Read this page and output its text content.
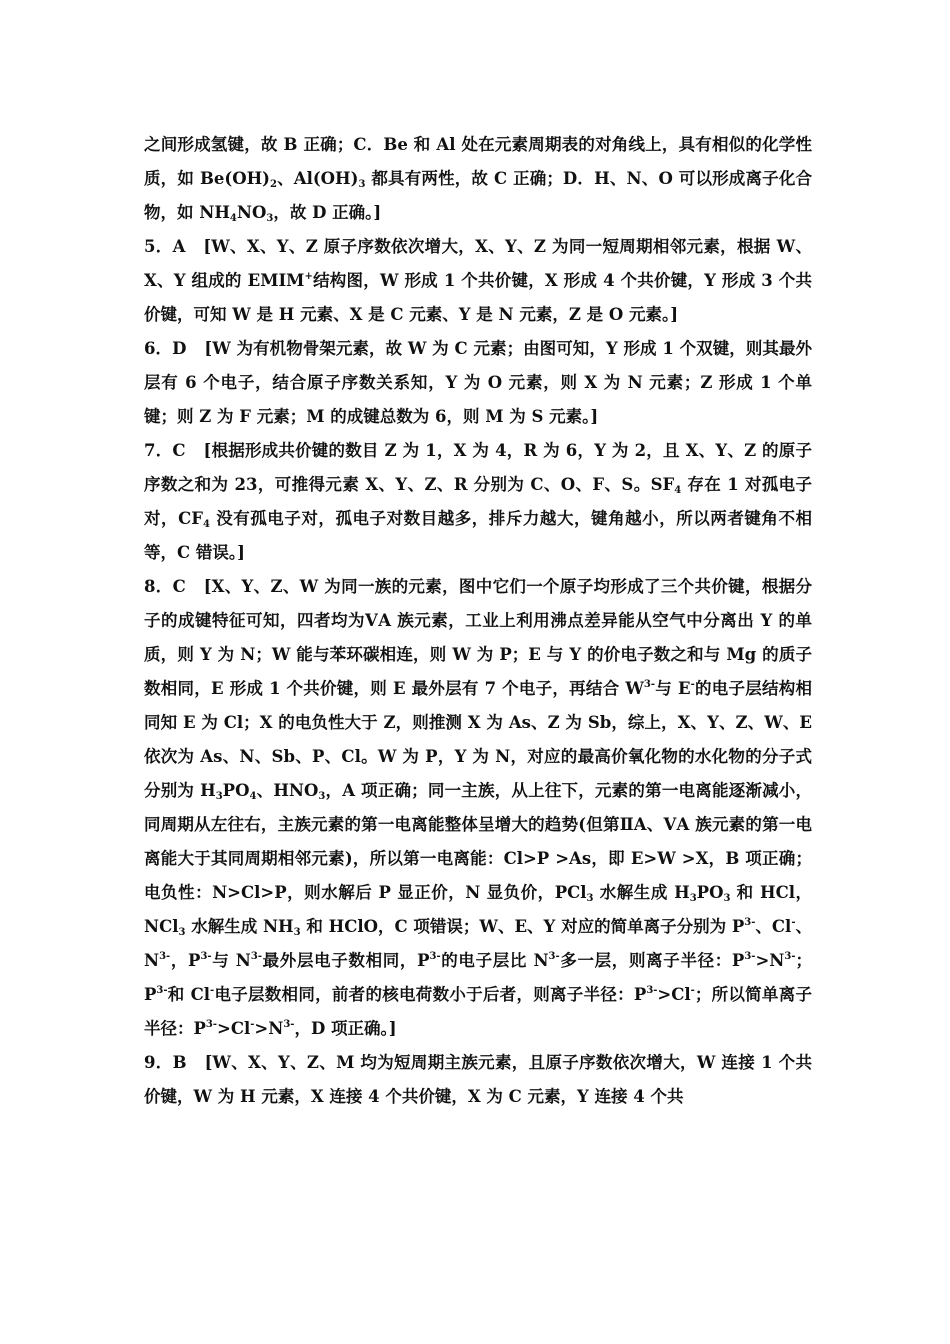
之间形成氢键，故 B 正确；C．Be 和 Al 处在元素周期表的对角线上，具有相似的化学性质，如 $Be(OH)_2$、$Al(OH)_3$ 都具有两性，故 C 正确；D．H、N、O 可以形成离子化合物，如 $NH_4NO_3$，故 D 正确。]

5．A [W、X、Y、Z 原子序数依次增大，X、Y、Z 为同一短周期相邻元素，根据 W、X、Y 组成的 EMIM+结构图，W 形成 1 个共价键，X 形成 4 个共价键，Y 形成 3 个共价键，可知 W 是 H 元素、X 是 C 元素、Y 是 N 元素，Z 是 O 元素。]

6．D [W 为有机物骨架元素，故 W 为 C 元素；由图可知，Y 形成 1 个双键，则其最外层有 6 个电子，结合原子序数关系知，Y 为 O 元素，则 X 为 N 元素；Z 形成 1 个单键；则 Z 为 F 元素；M 的成键总数为 6，则 M 为 S 元素。]

7．C [根据形成共价键的数目 Z 为 1，X 为 4，R 为 6，Y 为 2，且 X、Y、Z 的原子序数之和为 23，可推得元素 X、Y、Z、R 分别为 C、O、F、S。$SF_4$ 存在 1 对孤电子对，$CF_4$ 没有孤电子对，孤电子对数目越多，排斥力越大，键角越小，所以两者键角不相等，C 错误。]

8．C [X、Y、Z、W 为同一族的元素，图中它们一个原子均形成了三个共价键，根据分子的成键特征可知，四者均为ⅤA 族元素，工业上利用沸点差异能从空气中分离出 Y 的单质，则 Y 为 N；W 能与苯环碳相连，则 W 为 P；E 与 Y 的价电子数之和与 Mg 的质子数相同，E 形成 1 个共价键，则 E 最外层有 7 个电子，再结合 $W^{3-}$与 E-的电子层结构相同知 E 为 Cl；X 的电负性大于 Z，则推测 X 为 As、Z 为 Sb，综上，X、Y、Z、W、E 依次为 As、N、Sb、P、Cl。W 为 P，Y 为 N，对应的最高价氧化物的水化物的分子式分别为 $H_3PO_4$、$HNO_3$，A 项正确；同一主族，从上往下，元素的第一电离能逐渐减小，同周期从左往右，主族元素的第一电离能整体呈增大的趋势(但第ⅡA、ⅤA 族元素的第一电离能大于其同周期相邻元素)，所以第一电离能：Cl>P >As，即 E>W >X，B 项正确；电负性：N>Cl>P，则水解后 P 显正价，N 显负价，PCl$_3$ 水解生成 $H_3PO_3$ 和 HCl，NCl$_3$ 水解生成 $NH_3$ 和 HClO，C 项错误；W、E、Y 对应的简单离子分别为 $P^{3-}$、Cl-、$N^{3-}$，$P^{3-}$与 $N^{3-}$最外层电子数相同，$P^{3-}$的电子层比 $N^{3-}$多一层，则离子半径：$P^{3-}>N^{3-}$；$P^{3-}$和 Cl-电子层数相同，前者的核电荷数小于后者，则离子半径：$P^{3-}>Cl^-$；所以简单离子半径：$P^{3-}>Cl^->N^{3-}$，D 项正确。]

9．B [W、X、Y、Z、M 均为短周期主族元素，且原子序数依次增大，W 连接 1 个共价键，W 为 H 元素，X 连接 4 个共价键，X 为 C 元素，Y 连接 4 个共
